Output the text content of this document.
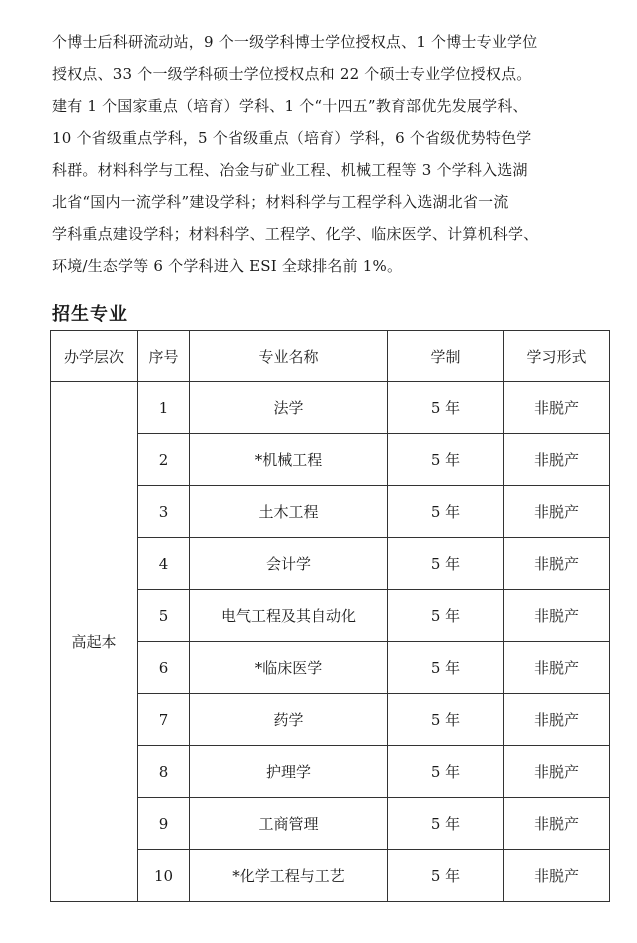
个博士后科研流动站，9 个一级学科博士学位授权点、1 个博士专业学位

授权点、33 个一级学科硕士学位授权点和 22 个硕士专业学位授权点。

建有 1 个国家重点（培育）学科、1 个“十四五”教育部优先发展学科、

10 个省级重点学科，5 个省级重点（培育）学科，6 个省级优势特色学

科群。材料科学与工程、冶金与矿业工程、机械工程等 3 个学科入选湖

北省“国内一流学科”建设学科；材料科学与工程学科入选湖北省一流

学科重点建设学科；材料科学、工程学、化学、临床医学、计算机科学、

环境/生态学等 6 个学科进入 ESI 全球排名前 1%。

招生专业
办学层次	序号	专业名称	学制	学习形式
高起本	1	法学	5 年	非脱产
	2	*机械工程	5 年	非脱产
	3	土木工程	5 年	非脱产
	4	会计学	5 年	非脱产
	5	电气工程及其自动化	5 年	非脱产
	6	*临床医学	5 年	非脱产
	7	药学	5 年	非脱产
	8	护理学	5 年	非脱产
	9	工商管理	5 年	非脱产
	10	*化学工程与工艺	5 年	非脱产
